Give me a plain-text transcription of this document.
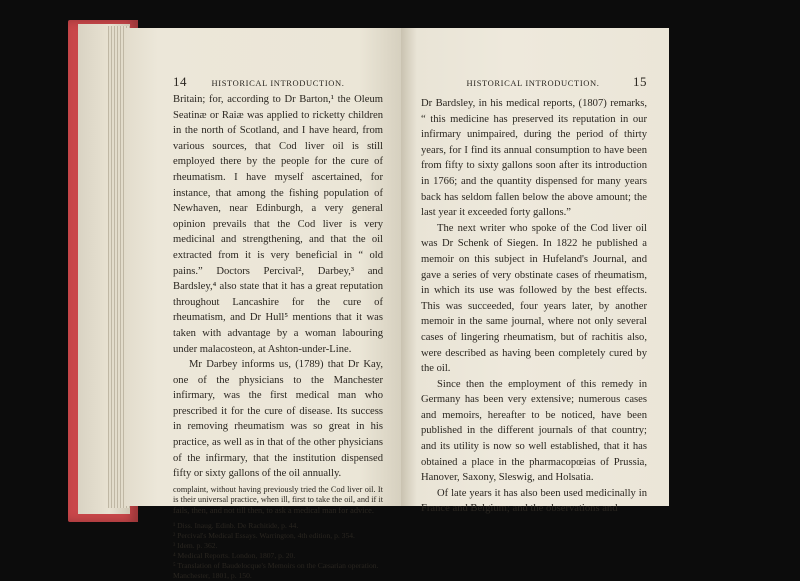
14	HISTORICAL INTRODUCTION.

Britain; for, according to Dr Barton,¹ the Oleum Seatinæ or Raiæ was applied to ricketty children in the north of Scotland, and I have heard, from various sources, that Cod liver oil is still employed there by the people for the cure of rheumatism. I have myself ascertained, for instance, that among the fishing population of Newhaven, near Edinburgh, a very general opinion prevails that the Cod liver is very medicinal and strengthening, and that the oil extracted from it is very beneficial in “ old pains.” Doctors Percival², Darbey,³ and Bardsley,⁴ also state that it has a great reputation throughout Lancashire for the cure of rheumatism, and Dr Hull⁵ mentions that it was taken with advantage by a woman labouring under malacosteon, at Ashton-under-Line.

Mr Darbey informs us, (1789) that Dr Kay, one of the physicians to the Manchester infirmary, was the first medical man who prescribed it for the cure of disease. Its success in removing rheumatism was so great in his practice, as well as in that of the other physicians of the infirmary, that the institution dispensed fifty or sixty gallons of the oil annually.

complaint, without having previously tried the Cod liver oil. It is their universal practice, when ill, first to take the oil, and if it fails, then, and not till then, to ask a medical man for advice.
¹ Diss. Inaug. Edinb. De Rachitide, p. 44.
² Percival's Medical Essays. Warrington, 4th edition, p. 354.
³ Idem. p. 362.
⁴ Medical Reports. London, 1807, p. 20.
⁵ Translation of Baudelocque's Memoirs on the Cæsarian operation. Manchester, 1801, p. 150.
HISTORICAL INTRODUCTION.	15

Dr Bardsley, in his medical reports, (1807) remarks, “ this medicine has preserved its reputation in our infirmary unimpaired, during the period of thirty years, for I find its annual consumption to have been from fifty to sixty gallons soon after its introduction in 1766; and the quantity dispensed for many years back has seldom fallen below the above amount; the last year it exceeded forty gallons.”

The next writer who spoke of the Cod liver oil was Dr Schenk of Siegen. In 1822 he published a memoir on this subject in Hufeland's Journal, and gave a series of very obstinate cases of rheumatism, in which its use was followed by the best effects. This was succeeded, four years later, by another memoir in the same journal, where not only several cases of lingering rheumatism, but of rachitis also, were described as having been completely cured by the oil.

Since then the employment of this remedy in Germany has been very extensive; numerous cases and memoirs, hereafter to be noticed, have been published in the different journals of that country; and its utility is now so well established, that it has obtained a place in the pharmacopœias of Prussia, Hanover, Saxony, Sleswig, and Holsatia.

Of late years it has also been used medicinally in France and Belgium; and the observations and
